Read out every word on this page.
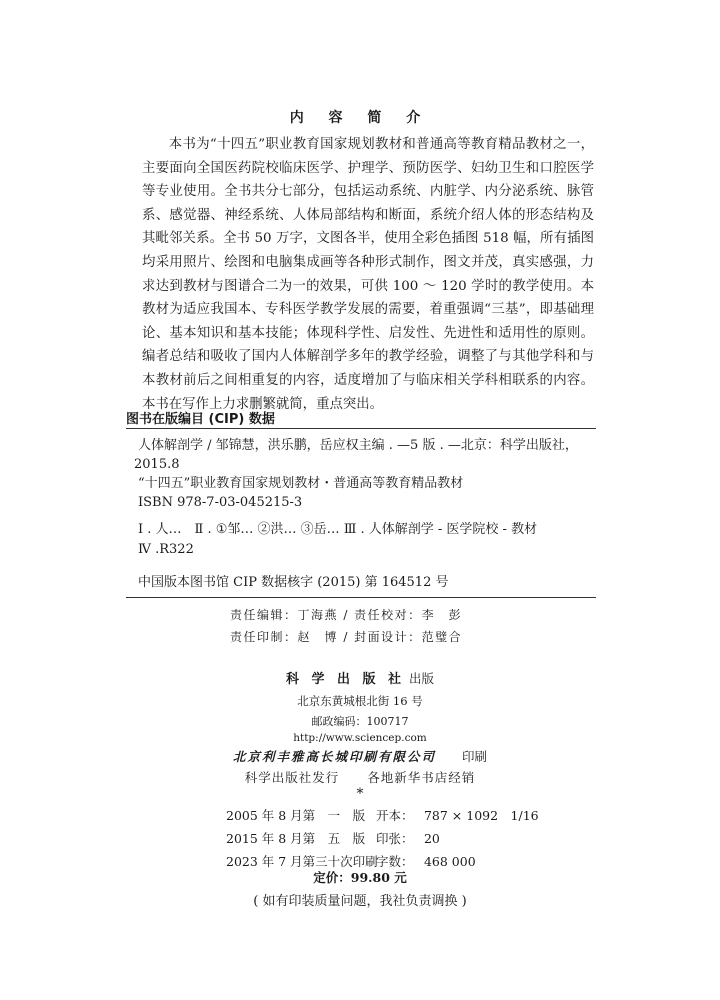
内 容 简 介

本书为“十四五”职业教育国家规划教材和普通高等教育精品教材之一，主要面向全国医药院校临床医学、护理学、预防医学、妇幼卫生和口腔医学等专业使用。全书共分七部分，包括运动系统、内脏学、内分泌系统、脉管系、感觉器、神经系统、人体局部结构和断面，系统介绍人体的形态结构及其毗邻关系。全书 50 万字，文图各半，使用全彩色插图 518 幅，所有插图均采用照片、绘图和电脑集成画等各种形式制作，图文并茂，真实感强，力求达到教材与图谱合二为一的效果，可供 100 ～ 120 学时的教学使用。本教材为适应我国本、专科医学教学发展的需要，着重强调“三基”，即基础理论、基本知识和基本技能；体现科学性、启发性、先进性和适用性的原则。编者总结和吸收了国内人体解剖学多年的教学经验，调整了与其他学科和与本教材前后之间相重复的内容，适度增加了与临床相关学科相联系的内容。本书在写作上力求删繁就简，重点突出。

图书在版编目 (CIP) 数据
人体解剖学 / 邹锦慧，洪乐鹏，岳应权主编 . —5 版 . —北京：科学出版社，
2015.8
“十四五”职业教育国家规划教材・普通高等教育精品教材
ISBN 978-7-03-045215-3
Ⅰ . 人…　Ⅱ . ①邹… ②洪… ③岳… Ⅲ . 人体解剖学 - 医学院校 - 教材
Ⅳ .R322
中国版本图书馆 CIP 数据核字 (2015) 第 164512 号
责任编辑：丁海燕 / 责任校对：李　彭
责任印制：赵　博 / 封面设计：范璧合
科 学 出 版 社 出版
北京东黄城根北街 16 号
邮政编码：100717
http://www.sciencep.com
北京利丰雅高长城印刷有限公司 印刷
科学出版社发行 各地新华书店经销
*
2005 年 8 月第　一　版 开本： 787 × 1092　1/16
2015 年 8 月第　五　版 印张： 20
2023 年 7 月第三十次印刷 字数： 468 000
定价：99.80 元
( 如有印装质量问题，我社负责调换 )
